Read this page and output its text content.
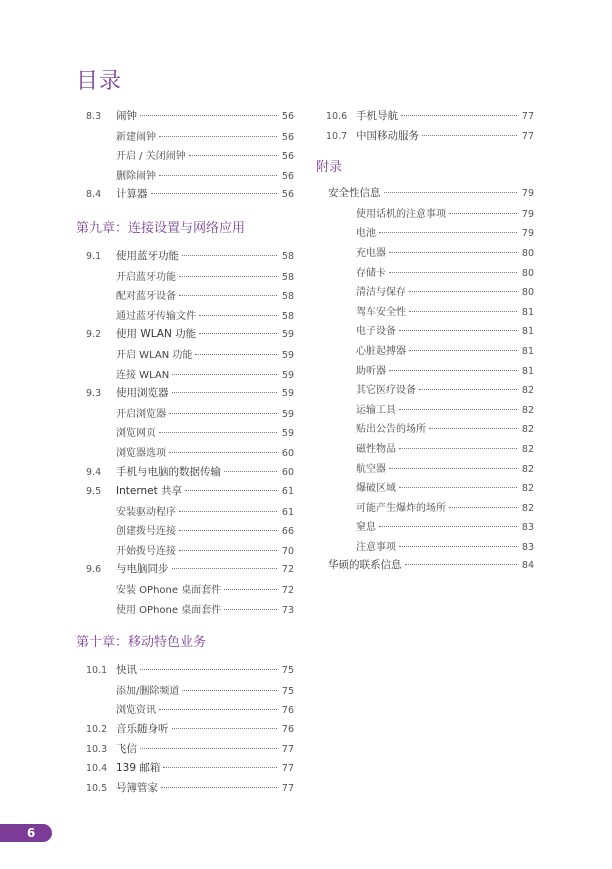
目录
8.3	闹钟	56
新建闹钟	56
开启 / 关闭闹钟	56
删除闹钟	56
8.4	计算器	56
第九章：连接设置与网络应用
9.1	使用蓝牙功能	58
开启蓝牙功能	58
配对蓝牙设备	58
通过蓝牙传输文件	58
9.2	使用 WLAN 功能	59
开启 WLAN 功能	59
连接 WLAN	59
9.3	使用浏览器	59
开启浏览器	59
浏览网页	59
浏览器选项	60
9.4	手机与电脑的数据传输	60
9.5	Internet 共享	61
安装驱动程序	61
创建拨号连接	66
开始拨号连接	70
9.6	与电脑同步	72
安装 OPhone 桌面套件	72
使用 OPhone 桌面套件	73
第十章：移动特色业务
10.1 快讯	75
添加/删除频道	75
浏览资讯	76
10.2 音乐随身听	76
10.3 飞信	77
10.4 139 邮箱	77
10.5 号簿管家	77
10.6 手机导航	77
10.7 中国移动服务	77
附录
安全性信息	79
使用话机的注意事项	79
电池	79
充电器	80
存储卡	80
清洁与保存	80
驾车安全性	81
电子设备	81
心脏起搏器	81
助听器	81
其它医疗设备	82
运输工具	82
贴出公告的场所	82
磁性物品	82
航空器	82
爆破区域	82
可能产生爆炸的场所	82
窒息	83
注意事项	83
华硕的联系信息	84
6
